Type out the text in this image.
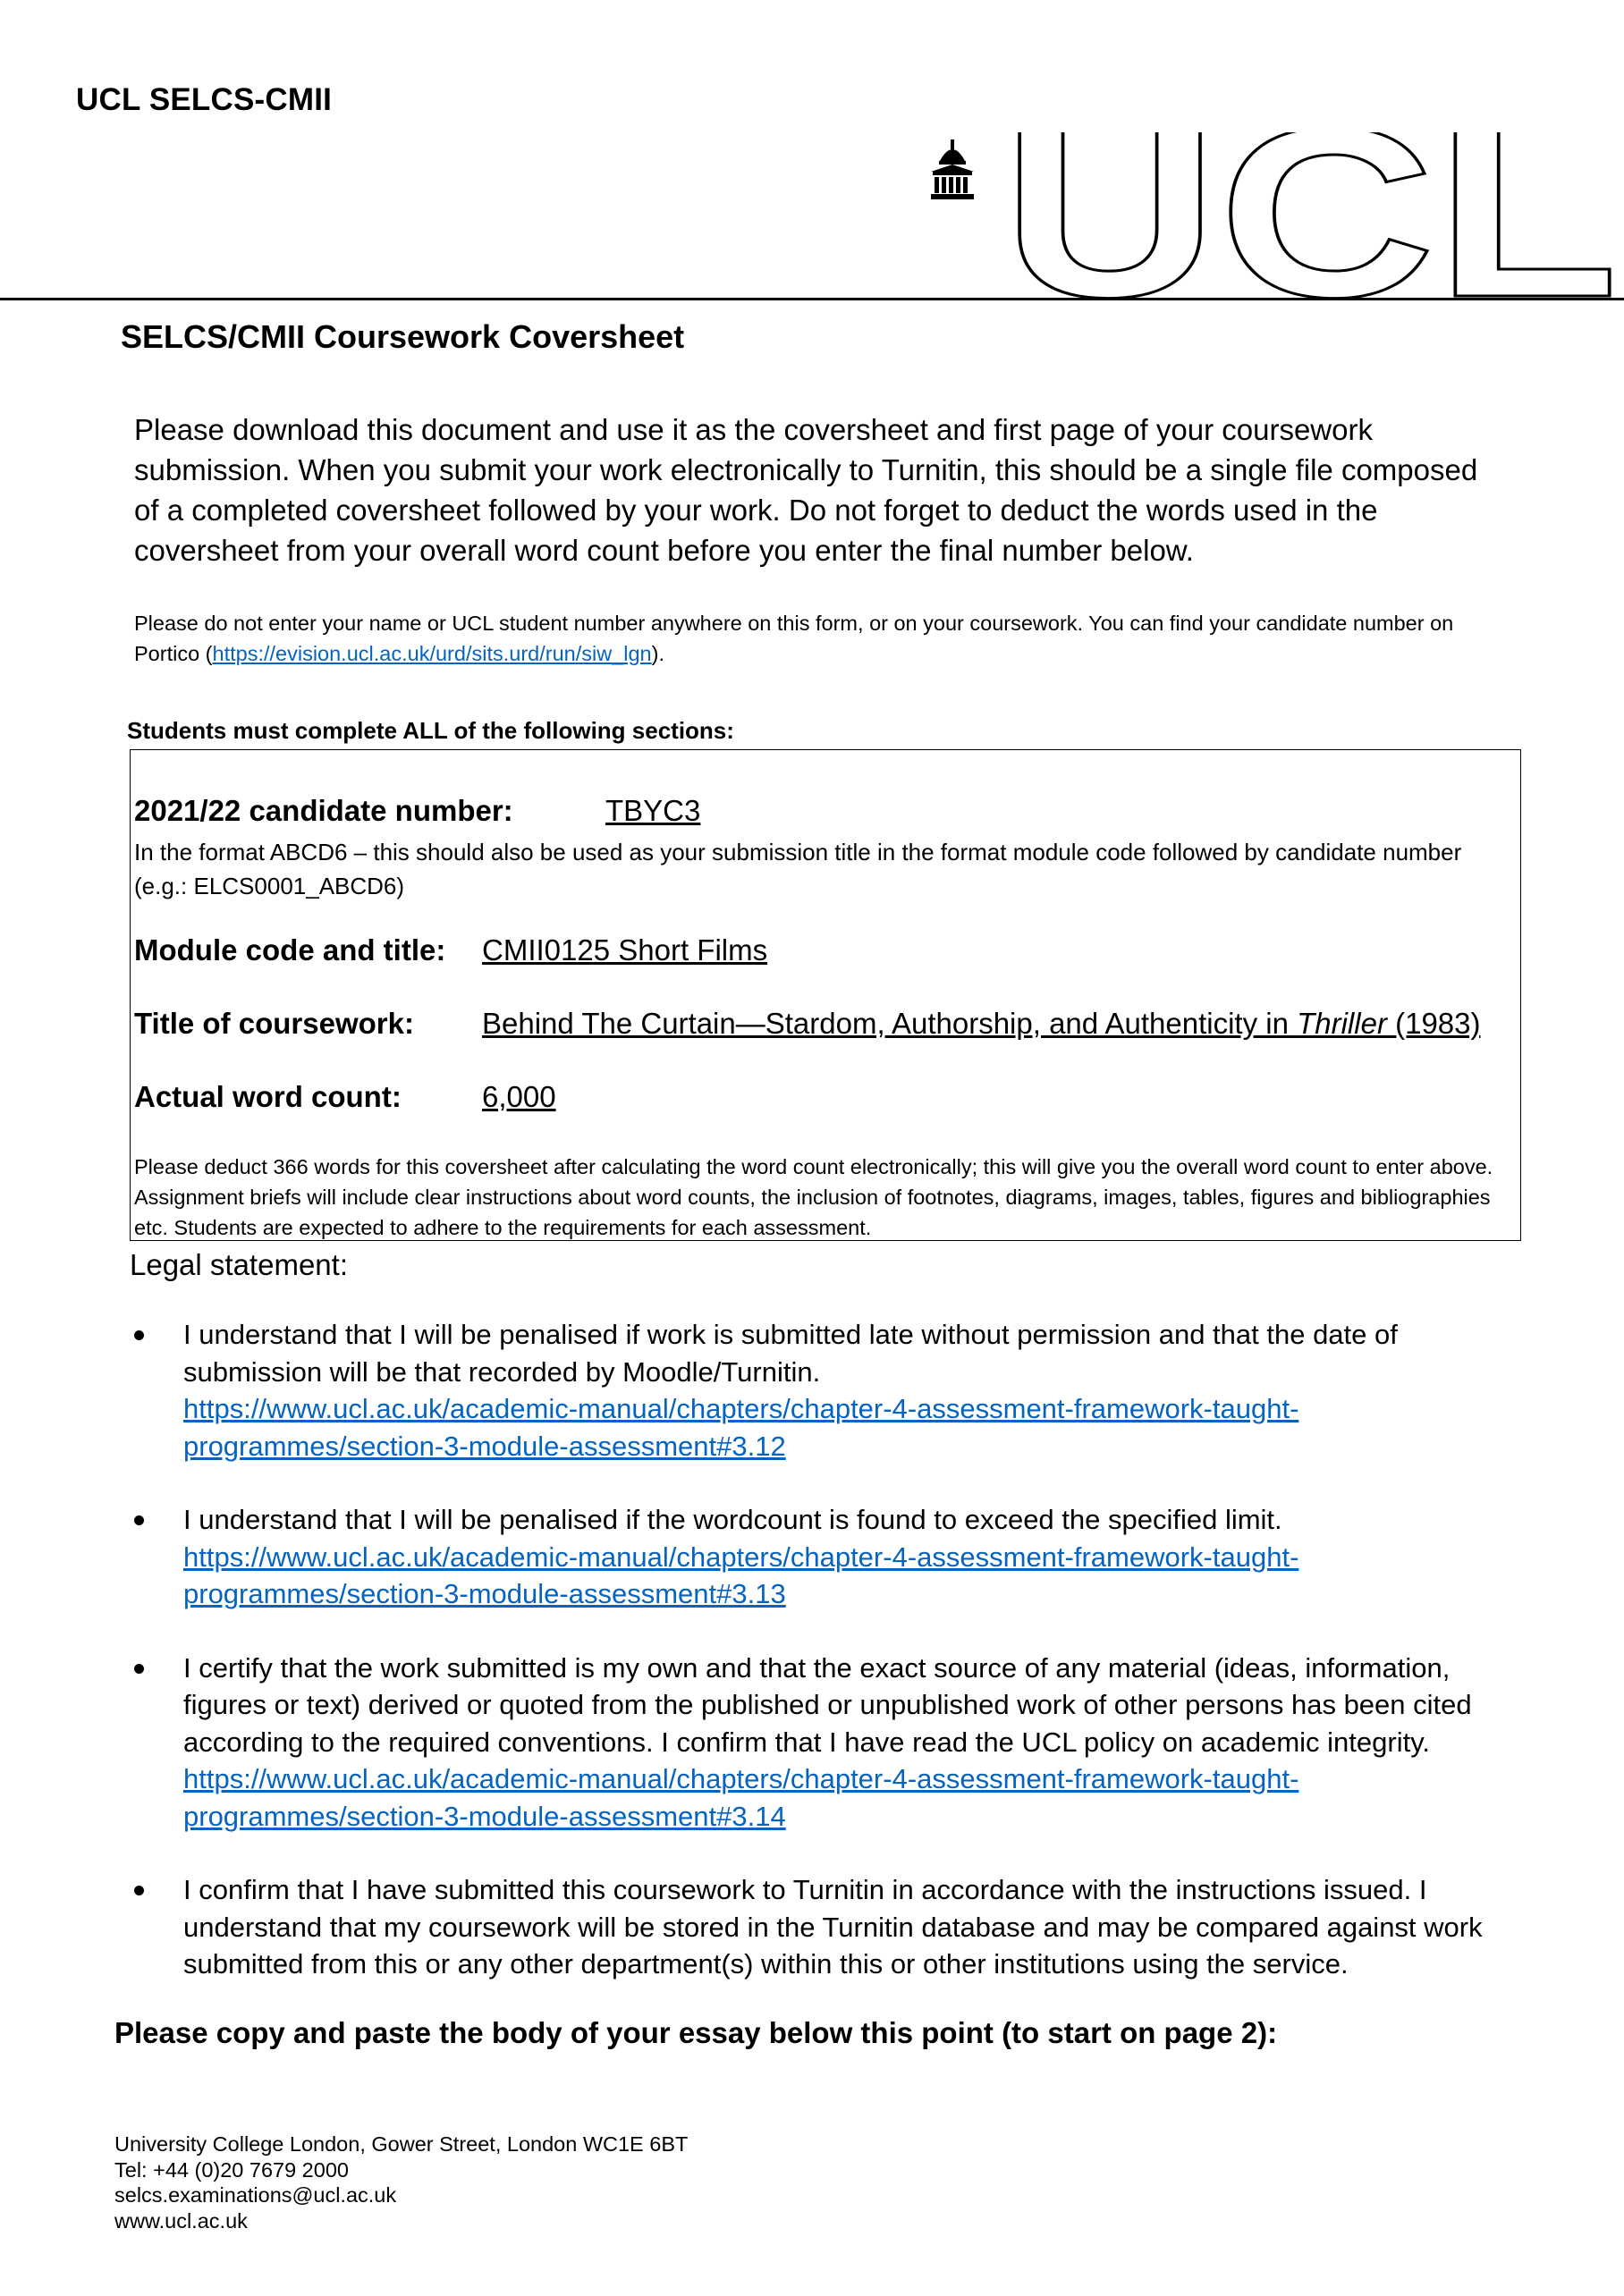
UCL SELCS-CMII	UCL
SELCS/CMII Coursework Coversheet
Please download this document and use it as the coversheet and first page of your coursework submission. When you submit your work electronically to Turnitin, this should be a single file composed of a completed coversheet followed by your work. Do not forget to deduct the words used in the coversheet from your overall word count before you enter the final number below.
Please do not enter your name or UCL student number anywhere on this form, or on your coursework. You can find your candidate number on Portico (https://evision.ucl.ac.uk/urd/sits.urd/run/siw_lgn).
Students must complete ALL of the following sections:
2021/22 candidate number:	TBYC3
In the format ABCD6 – this should also be used as your submission title in the format module code followed by candidate number (e.g.: ELCS0001_ABCD6)
Module code and title: CMII0125 Short Films
Title of coursework: Behind The Curtain—Stardom, Authorship, and Authenticity in Thriller (1983)
Actual word count:	6,000
Please deduct 366 words for this coversheet after calculating the word count electronically; this will give you the overall word count to enter above. Assignment briefs will include clear instructions about word counts, the inclusion of footnotes, diagrams, images, tables, figures and bibliographies etc. Students are expected to adhere to the requirements for each assessment.
Legal statement:
I understand that I will be penalised if work is submitted late without permission and that the date of submission will be that recorded by Moodle/Turnitin.
https://www.ucl.ac.uk/academic-manual/chapters/chapter-4-assessment-framework-taught-
programmes/section-3-module-assessment#3.12
I understand that I will be penalised if the wordcount is found to exceed the specified limit.
https://www.ucl.ac.uk/academic-manual/chapters/chapter-4-assessment-framework-taught-
programmes/section-3-module-assessment#3.13
I certify that the work submitted is my own and that the exact source of any material (ideas, information, figures or text) derived or quoted from the published or unpublished work of other persons has been cited according to the required conventions. I confirm that I have read the UCL policy on academic integrity.
https://www.ucl.ac.uk/academic-manual/chapters/chapter-4-assessment-framework-taught-
programmes/section-3-module-assessment#3.14
I confirm that I have submitted this coursework to Turnitin in accordance with the instructions issued. I understand that my coursework will be stored in the Turnitin database and may be compared against work submitted from this or any other department(s) within this or other institutions using the service.
Please copy and paste the body of your essay below this point (to start on page 2):
University College London, Gower Street, London WC1E 6BT
Tel: +44 (0)20 7679 2000
selcs.examinations@ucl.ac.uk
www.ucl.ac.uk
